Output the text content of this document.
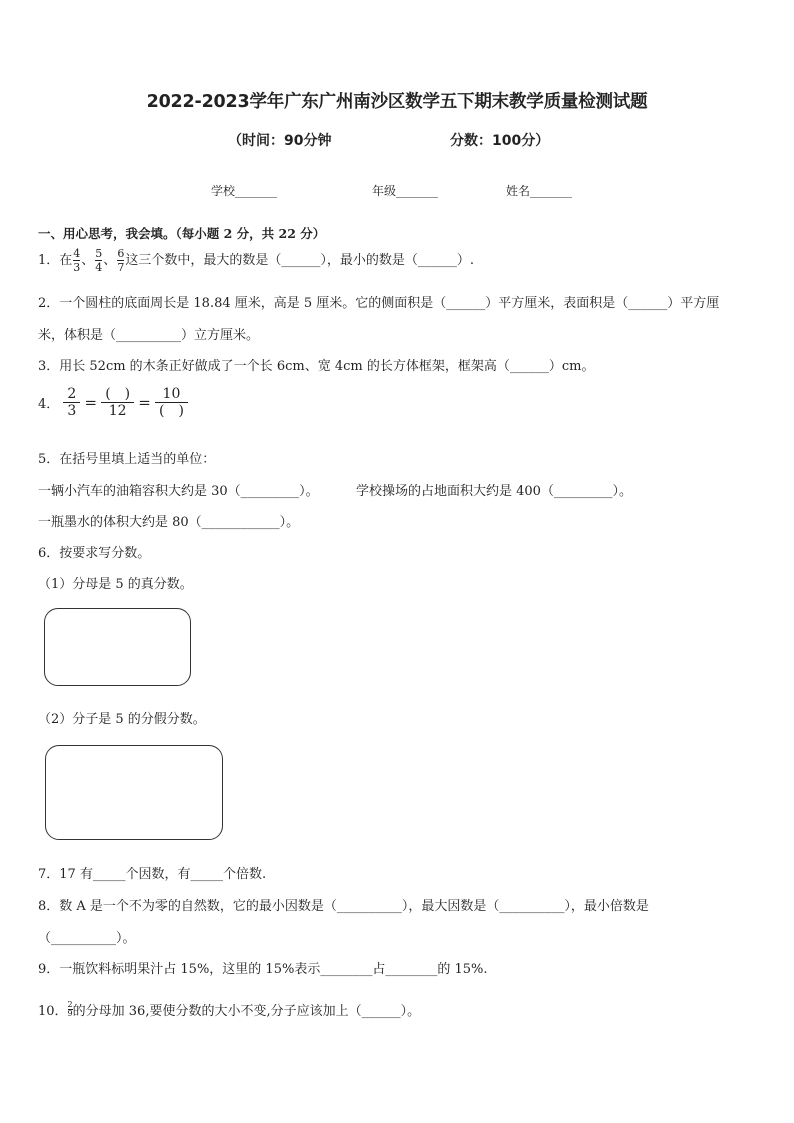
2022-2023学年广东广州南沙区数学五下期末教学质量检测试题
（时间：90分钟	分数：100分）
学校_______	年级_______	姓名_______
一、用心思考，我会填。（每小题 2 分，共 22 分）
1．在 $\frac{4}{3}$ 、 $\frac{5}{4}$ 、 $\frac{6}{7}$ 这三个数中，最大的数是（______），最小的数是（______）.
2．一个圆柱的底面周长是 18.84 厘米，高是 5 厘米。它的侧面积是（______）平方厘米，表面积是（______）平方厘
米，体积是（__________）立方厘米。
3．用长 52cm 的木条正好做成了一个长 6cm、宽 4cm 的长方体框架，框架高（______）cm。
4． $\frac{2}{3} = \frac{( )}{12} = \frac{10}{( )}$
5．在括号里填上适当的单位：
一辆小汽车的油箱容积大约是 30（_________）。	学校操场的占地面积大约是 400（_________）。
一瓶墨水的体积大约是 80（____________）。
6．按要求写分数。
（1）分母是 5 的真分数。
（2）分子是 5 的分假分数。
7．17 有_____个因数，有_____个倍数.
8．数 A 是一个不为零的自然数，它的最小因数是（__________），最大因数是（__________），最小倍数是
（__________）。
9．一瓶饮料标明果汁占 15%，这里的 15%表示________占________的 15%.
10． $\frac{2}{9}$ 的分母加 36,要使分数的大小不变,分子应该加上（______）。
